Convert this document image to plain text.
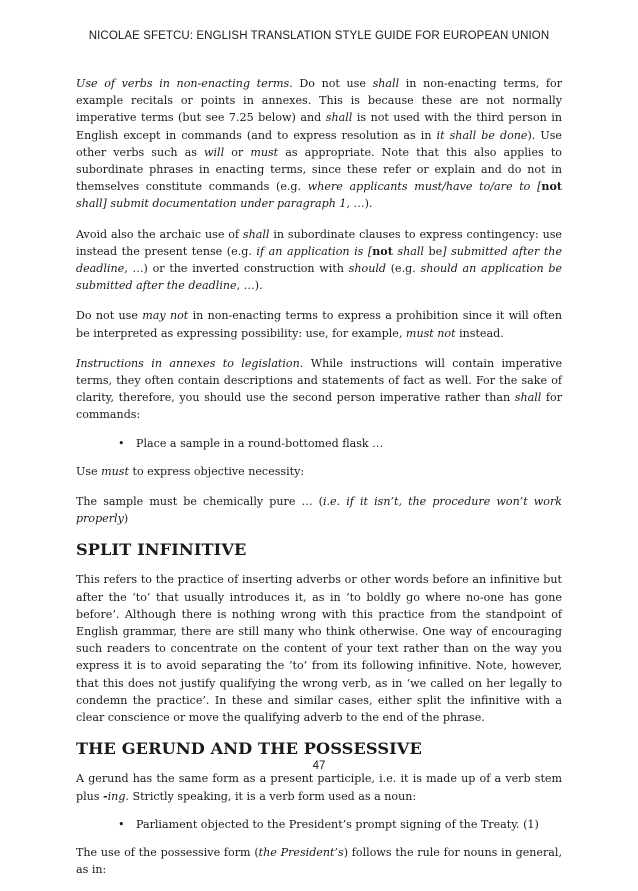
NICOLAE SFETCU: ENGLISH TRANSLATION STYLE GUIDE FOR EUROPEAN UNION

Use of verbs in non-enacting terms. Do not use shall in non-enacting terms, for example recitals or points in annexes. This is because these are not normally imperative terms (but see 7.25 below) and shall is not used with the third person in English except in commands (and to express resolution as in it shall be done). Use other verbs such as will or must as appropriate. Note that this also applies to subordinate phrases in enacting terms, since these refer or explain and do not in themselves constitute commands (e.g. where applicants must/have to/are to [not shall] submit documentation under paragraph 1, …).

Avoid also the archaic use of shall in subordinate clauses to express contingency: use instead the present tense (e.g. if an application is [not shall be] submitted after the deadline, …) or the inverted construction with should (e.g. should an application be submitted after the deadline, …).

Do not use may not in non-enacting terms to express a prohibition since it will often be interpreted as expressing possibility: use, for example, must not instead.

Instructions in annexes to legislation. While instructions will contain imperative terms, they often contain descriptions and statements of fact as well. For the sake of clarity, therefore, you should use the second person imperative rather than shall for commands:

• Place a sample in a round-bottomed flask …

Use must to express objective necessity:

The sample must be chemically pure … (i.e. if it isn’t, the procedure won’t work properly)

SPLIT INFINITIVE

This refers to the practice of inserting adverbs or other words before an infinitive but after the ‘to’ that usually introduces it, as in ‘to boldly go where no-one has gone before’. Although there is nothing wrong with this practice from the standpoint of English grammar, there are still many who think otherwise. One way of encouraging such readers to concentrate on the content of your text rather than on the way you express it is to avoid separating the ‘to’ from its following infinitive. Note, however, that this does not justify qualifying the wrong verb, as in ‘we called on her legally to condemn the practice’. In these and similar cases, either split the infinitive with a clear conscience or move the qualifying adverb to the end of the phrase.

THE GERUND AND THE POSSESSIVE

A gerund has the same form as a present participle, i.e. it is made up of a verb stem plus -ing. Strictly speaking, it is a verb form used as a noun:

• Parliament objected to the President’s prompt signing of the Treaty. (1)

The use of the possessive form (the President’s) follows the rule for nouns in general, as in:

47
